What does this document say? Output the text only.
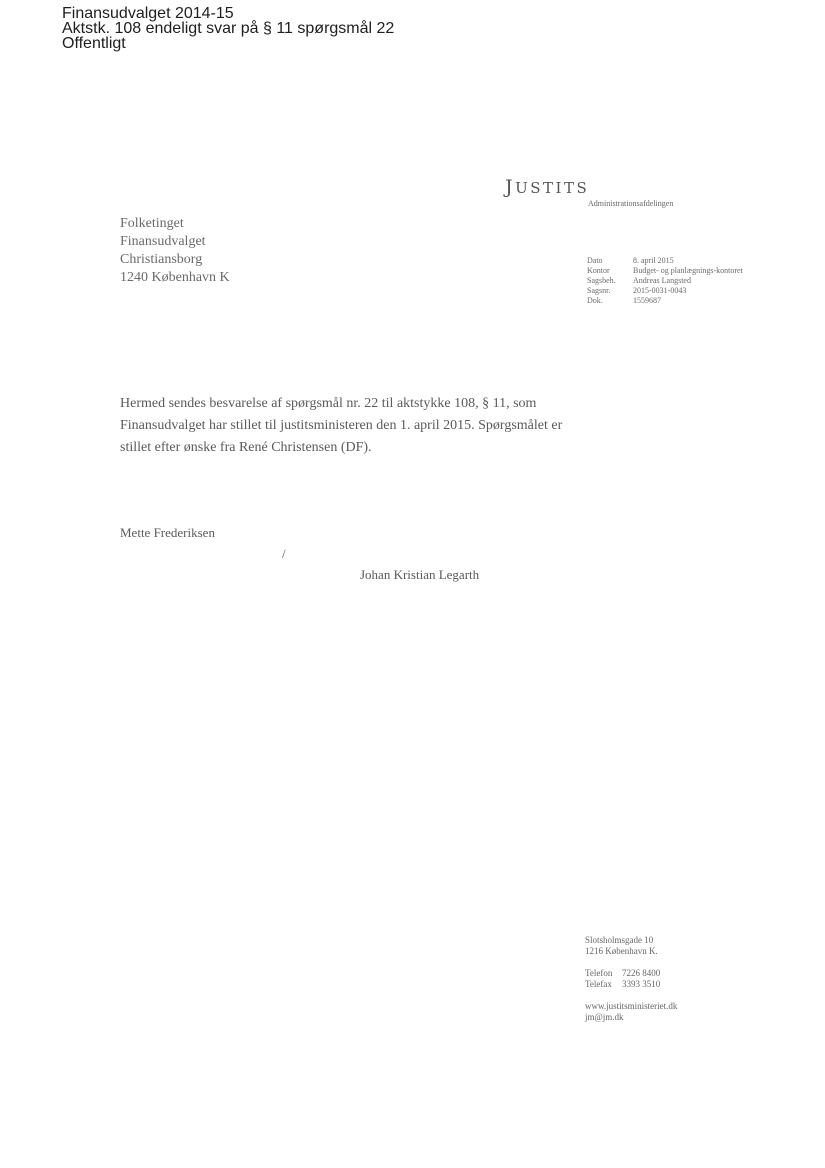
Finansudvalget 2014-15
Aktstk. 108 endeligt svar på § 11 spørgsmål 22
Offentligt
JUSTITS
Administrationsafdelingen
Folketinget
Finansudvalget
Christiansborg
1240 København K
Dato	8. april 2015
Kontor	Budget- og planlægnings-kontoret
Sagsbeh.	Andreas Langsted
Sagsnr.	2015-0031-0043
Dok.	1559687
Hermed sendes besvarelse af spørgsmål nr. 22 til aktstykke 108, § 11, som Finansudvalget har stillet til justitsministeren den 1. april 2015. Spørgsmålet er stillet efter ønske fra René Christensen (DF).
Mette Frederiksen
/
Johan Kristian Legarth
Slotsholmsgade 10
1216 København K.
Telefon	7226 8400
Telefax	3393 3510
www.justitsministeriet.dk
jm@jm.dk
